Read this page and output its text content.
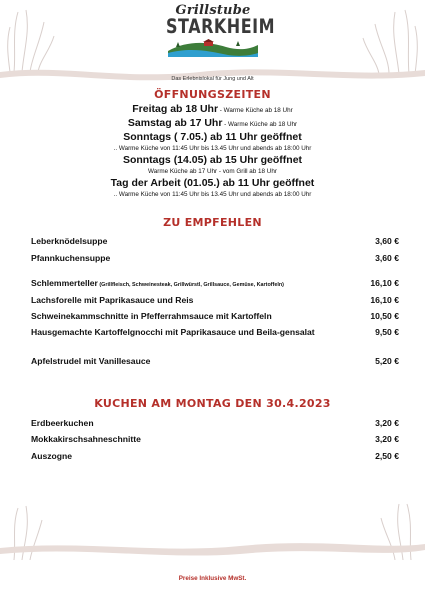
Grillstube
STARKHEIM
Das Erlebnislokal für Jung und Alt
ÖFFNUNGSZEITEN
Freitag ab 18 Uhr - Warme Küche ab 18 Uhr
Samstag ab 17 Uhr - Warme Küche ab 18 Uhr
Sonntags ( 7.05.) ab 11 Uhr geöffnet
.. Warme Küche von 11:45 Uhr bis 13.45 Uhr und abends ab 18:00 Uhr
Sonntags (14.05) ab 15 Uhr geöffnet
Warme Küche ab 17 Uhr - vom Grill ab 18 Uhr
Tag der Arbeit (01.05.) ab 11 Uhr geöffnet
.. Warme Küche von 11:45 Uhr bis 13.45 Uhr und abends ab 18:00 Uhr
ZU EMPFEHLEN
Leberknödelsuppe	3,60 €
Pfannkuchensuppe	3,60 €
Schlemmerteller (Grillfleisch, Schweinesteak, Grillwürstl, Grillsauce, Gemüse, Kartoffeln)	16,10 €
Lachsforelle mit Paprikasauce und Reis	16,10 €
Schweinekammschnitte in Pfefferrahmsauce mit Kartoffeln	10,50 €
Hausgemachte Kartoffelgnocchi mit Paprikasauce und Beila-gensalat	9,50 €
Apfelstrudel mit Vanillesauce	5,20 €
KUCHEN AM MONTAG DEN 30.4.2023
Erdbeerkuchen	3,20 €
Mokkakirschsahneschnitte	3,20 €
Auszogne	2,50 €
Preise Inklusive MwSt.
